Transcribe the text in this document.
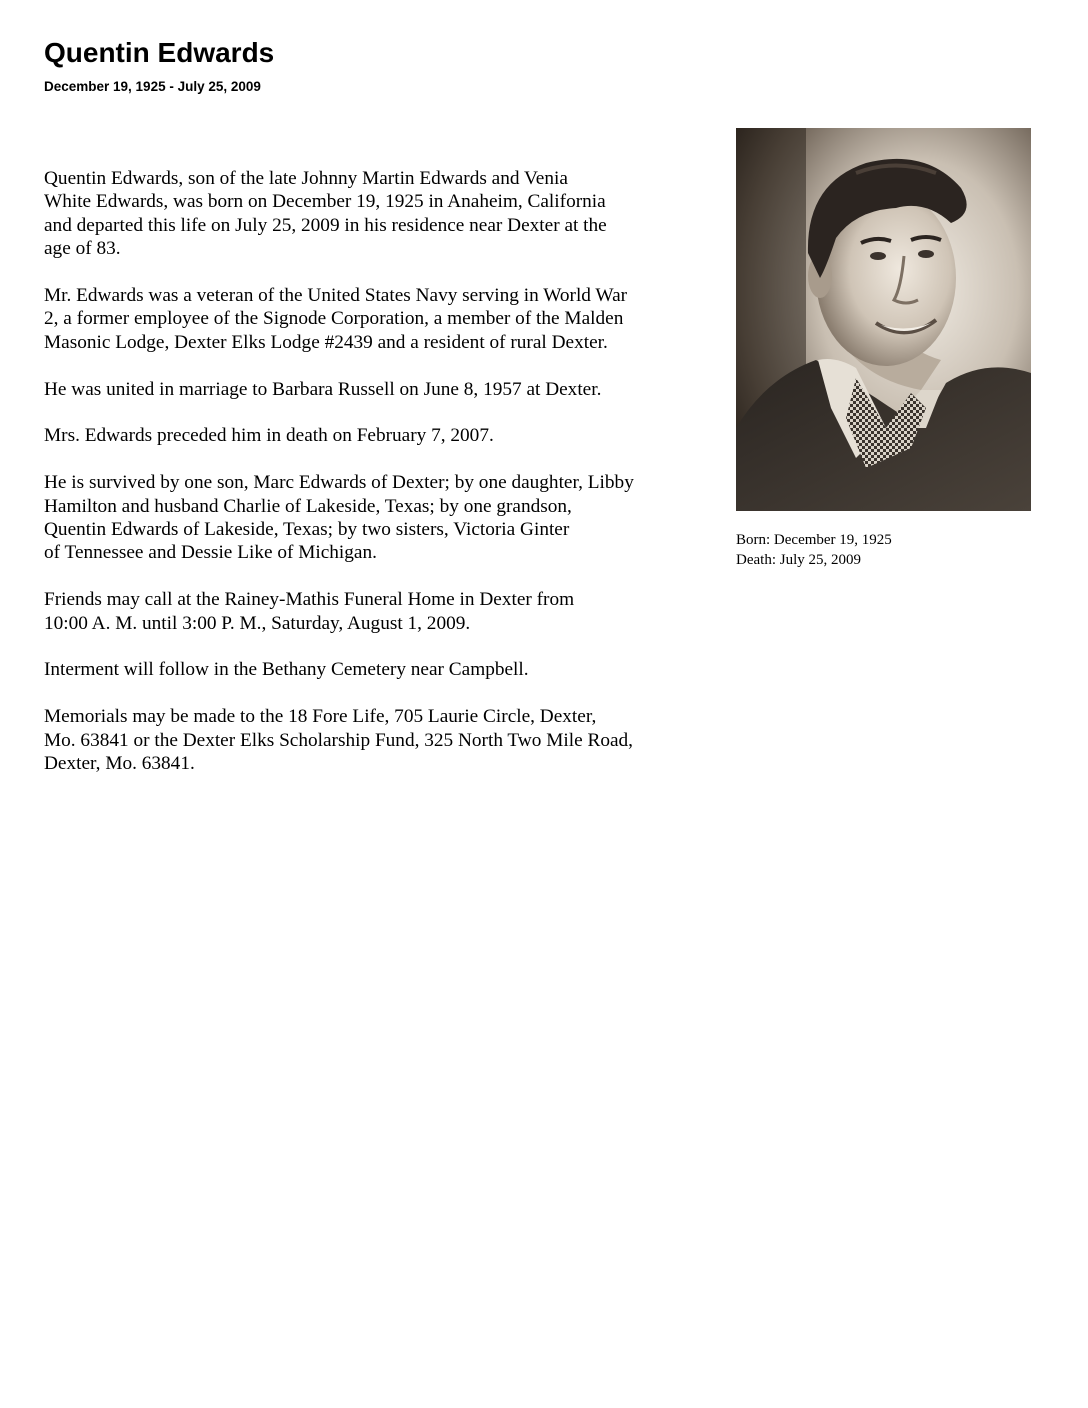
Quentin Edwards
December 19, 1925 - July 25, 2009

Quentin Edwards, son of the late Johnny Martin Edwards and Venia
White Edwards, was born on December 19, 1925 in Anaheim, California
and departed this life on July 25, 2009 in his residence near Dexter at the
age of 83.

Mr. Edwards was a veteran of the United States Navy serving in World War
2, a former employee of the Signode Corporation, a member of the Malden
Masonic Lodge, Dexter Elks Lodge #2439 and a resident of rural Dexter.

He was united in marriage to Barbara Russell on June 8, 1957 at Dexter.

Mrs. Edwards preceded him in death on February 7, 2007.

He is survived by one son, Marc Edwards of Dexter; by one daughter, Libby
Hamilton and husband Charlie of Lakeside, Texas; by one grandson,
Quentin Edwards of Lakeside, Texas; by two sisters, Victoria Ginter
of Tennessee and Dessie Like of Michigan.

Friends may call at the Rainey-Mathis Funeral Home in Dexter from
10:00 A. M. until 3:00 P. M., Saturday, August 1, 2009.

Interment will follow in the Bethany Cemetery near Campbell.

Memorials may be made to the 18 Fore Life, 705 Laurie Circle, Dexter,
Mo. 63841 or the Dexter Elks Scholarship Fund, 325 North Two Mile Road,
Dexter, Mo. 63841.

Born: December 19, 1925
Death: July 25, 2009
